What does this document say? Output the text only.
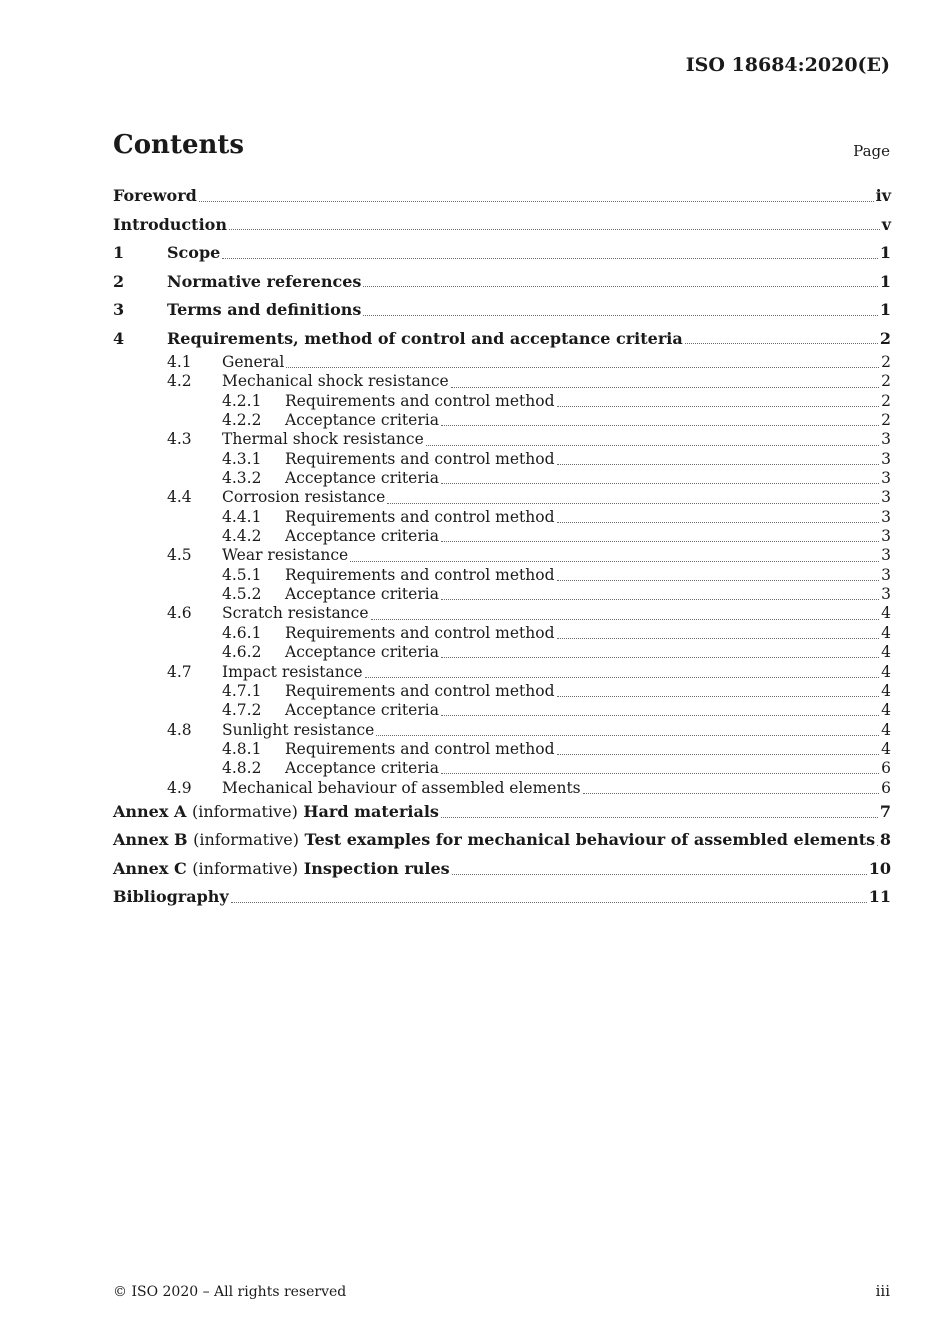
ISO 18684:2020(E)
Contents	Page
Foreword	iv
Introduction	v
1	Scope	1
2	Normative references	1
3	Terms and definitions	1
4	Requirements, method of control and acceptance criteria	2
4.1	General	2
4.2	Mechanical shock resistance	2
4.2.1	Requirements and control method	2
4.2.2	Acceptance criteria	2
4.3	Thermal shock resistance	3
4.3.1	Requirements and control method	3
4.3.2	Acceptance criteria	3
4.4	Corrosion resistance	3
4.4.1	Requirements and control method	3
4.4.2	Acceptance criteria	3
4.5	Wear resistance	3
4.5.1	Requirements and control method	3
4.5.2	Acceptance criteria	3
4.6	Scratch resistance	4
4.6.1	Requirements and control method	4
4.6.2	Acceptance criteria	4
4.7	Impact resistance	4
4.7.1	Requirements and control method	4
4.7.2	Acceptance criteria	4
4.8	Sunlight resistance	4
4.8.1	Requirements and control method	4
4.8.2	Acceptance criteria	6
4.9	Mechanical behaviour of assembled elements	6
Annex A (informative) Hard materials	7
Annex B (informative) Test examples for mechanical behaviour of assembled elements 8
Annex C (informative) Inspection rules	10
Bibliography	11
© ISO 2020 – All rights reserved	iii
